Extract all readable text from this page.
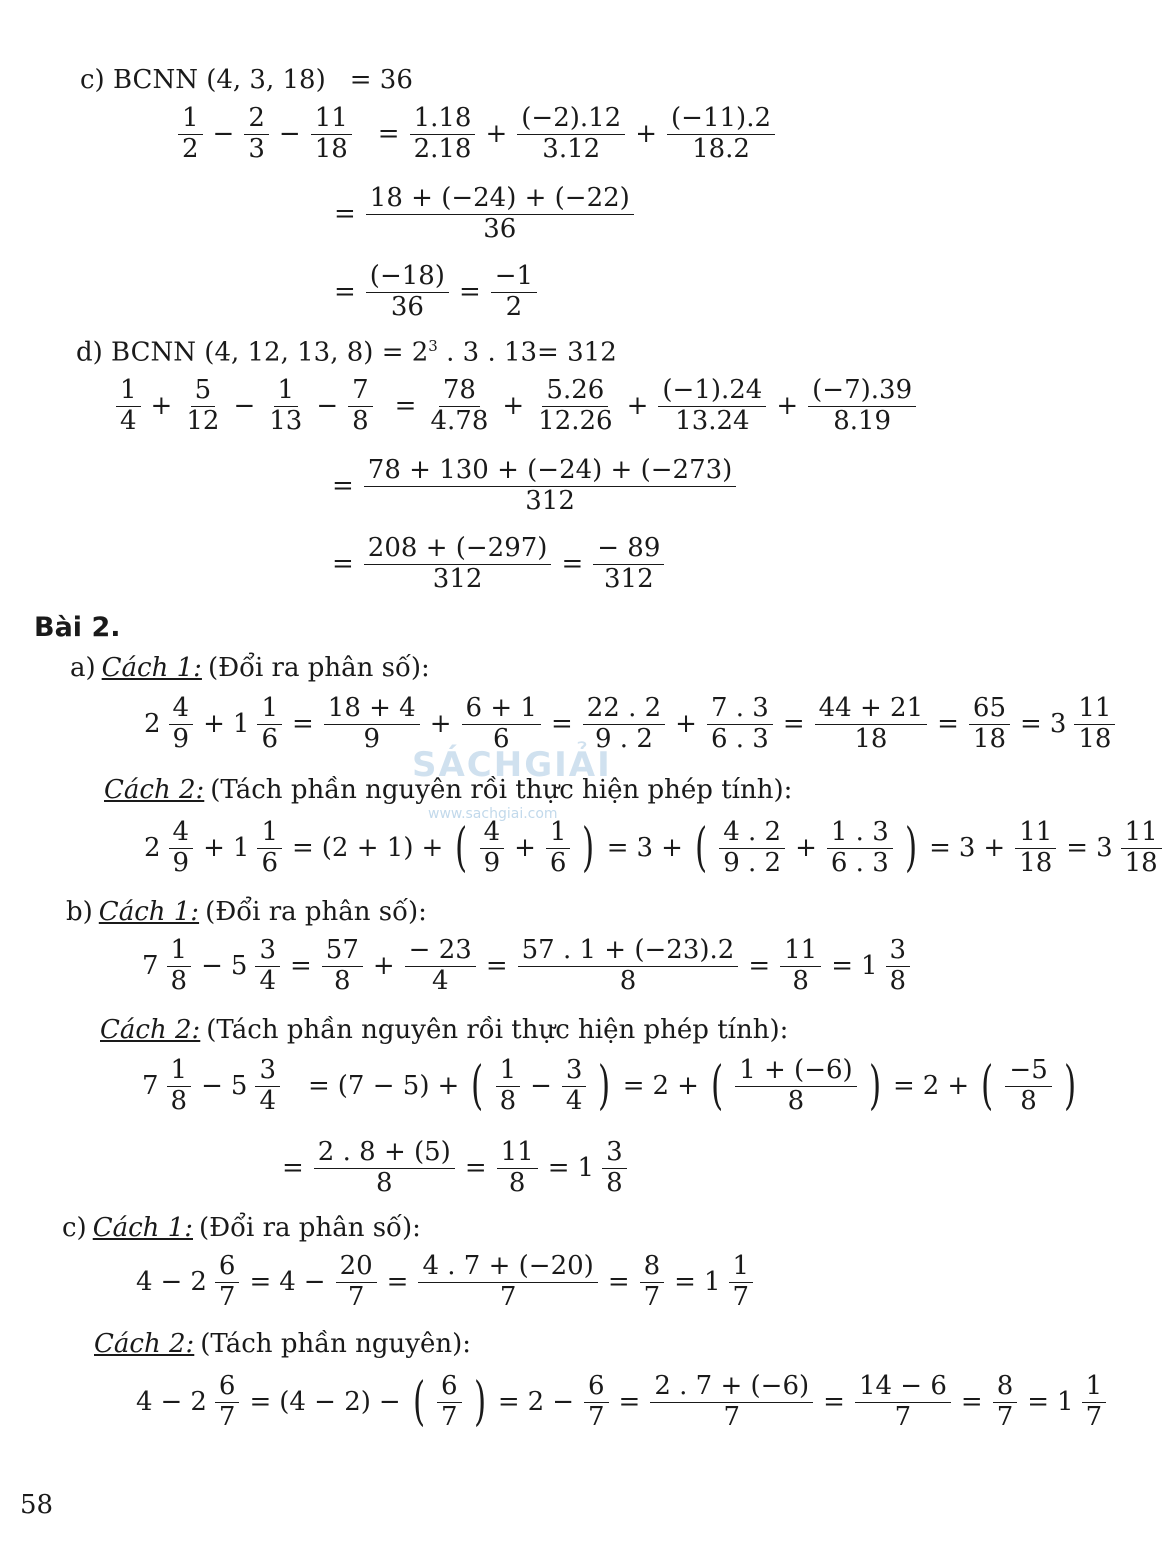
SÁCHGIẢI
www.sachgiai.com
c) BCNN (4, 3, 18) = 36
$\frac{1}{2} - \frac{2}{3} - \frac{11}{18} = \frac{1.18}{2.18} + \frac{(-2).12}{3.12} + \frac{(-11).2}{18.2}$
= $\frac{18 + (-24) + (-22)}{36}$
= $\frac{(-18)}{36} = \frac{-1}{2}$
d) BCNN (4, 12, 13, $8) = 2^3$ . 3 . 13= 312
$\frac{1}{4} + \frac{5}{12} - \frac{1}{13} - \frac{7}{8} = \frac{78}{4.78} + \frac{5.26}{12.26} + \frac{(-1).24}{13.24} + \frac{(-7).39}{8.19}$
= $\frac{78 + 130 + (-24) + (-273)}{312}$
= $\frac{208 + (-297)}{312} = \frac{- 89}{312}$
Bài 2.
a) Cách 1: (Đổi ra phân số):
$2 \frac{4}{9} + 1 \frac{1}{6} = \frac{18 + 4}{9} + \frac{6 + 1}{6} = \frac{22 . 2}{9 . 2} + \frac{7 . 3}{6 . 3} = \frac{44 + 21}{18} = \frac{65}{18} = 3 \frac{11}{18}$
Cách 2: (Tách phần nguyên rồi thực hiện phép tính):
$2 \frac{4}{9} + 1 \frac{1}{6} = (2 + 1)$ + ( $\frac{4}{9} + \frac{1}{6}$ ) = 3 + ( $\frac{4 . 2}{9 . 2} + \frac{1 . 3}{6 . 3}$ ) = $3 + \frac{11}{18} = 3 \frac{11}{18}$
b) Cách 1: (Đổi ra phân số):
$7 \frac{1}{8} - 5 \frac{3}{4} = \frac{57}{8} + \frac{- 23}{4} = \frac{57 . 1 + (-23).2}{8} = \frac{11}{8} = 1 \frac{3}{8}$
Cách 2: (Tách phần nguyên rồi thực hiện phép tính):
$7 \frac{1}{8} - 5 \frac{3}{4} = (7 - 5)$ + ( $\frac{1}{8} - \frac{3}{4}$ ) = 2 + ( $\frac{1 + (-6)}{8}$ ) = 2 + ( $\frac{-5}{8}$ )
= $\frac{2 . 8 + (5)}{8} = \frac{11}{8} = 1 \frac{3}{8}$
c) Cách 1: (Đổi ra phân số):
$4 - 2 \frac{6}{7} = 4 - \frac{20}{7} = \frac{4 . 7 + (-20)}{7} = \frac{8}{7} = 1 \frac{1}{7}$
Cách 2: (Tách phần nguyên):
$4 - 2 \frac{6}{7} = (4 - 2)$ − ( $\frac{6}{7}$ ) = $2 - \frac{6}{7} = \frac{2 . 7 + (-6)}{7} = \frac{14 - 6}{7} = \frac{8}{7} = 1 \frac{1}{7}$
58
